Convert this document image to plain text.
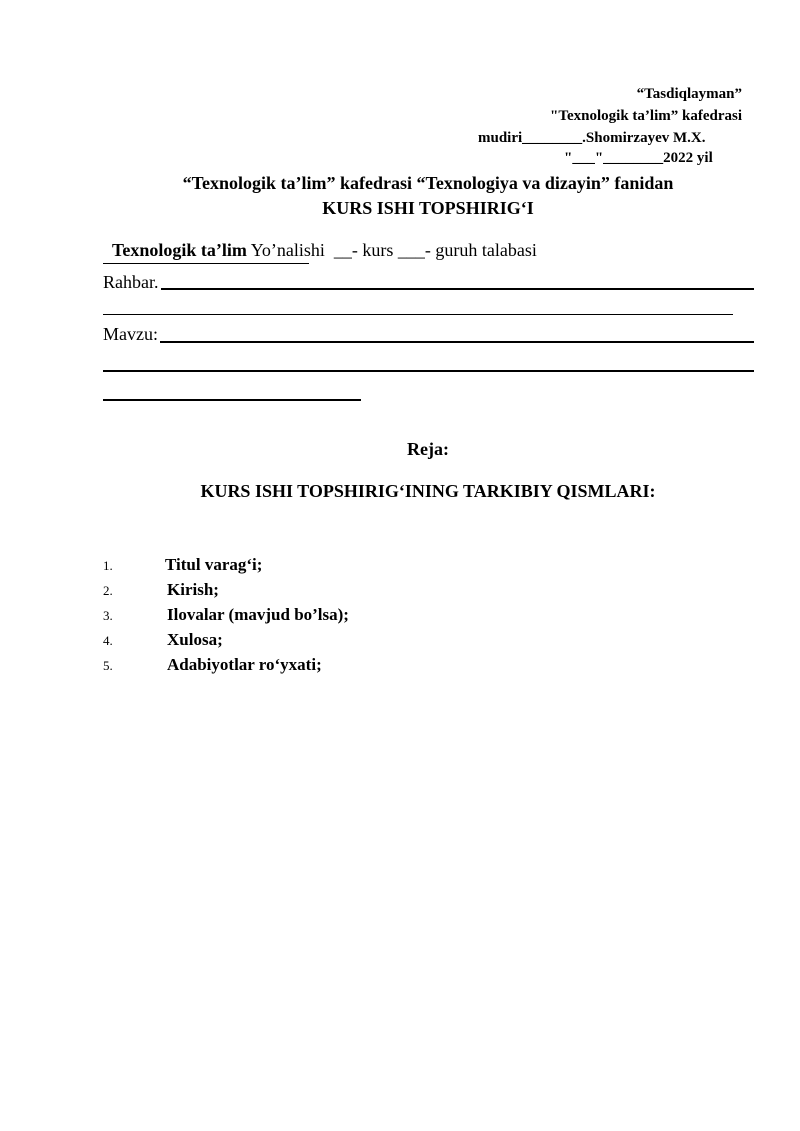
“Tasdiqlayman”
"Texnologik ta’lim” kafedrasi
mudiri________.Shomirzayev M.X.
"___"________2022 yil
“Texnologik ta’lim” kafedrasi “Texnologiya va dizayin” fanidan
KURS ISHI TOPSHIRIG‘I

Texnologik ta’lim Yo’nalishi  __- kurs ___- guruh talabasi

Rahbar.
Mavzu:
Reja:
KURS ISHI TOPSHIRIG‘INING TARKIBIY QISMLARI:
1.	Titul varag‘i;
2.	Kirish;
3.	Ilovalar (mavjud bo’lsa);
4.	Xulosa;
5.	Adabiyotlar ro‘yxati;
